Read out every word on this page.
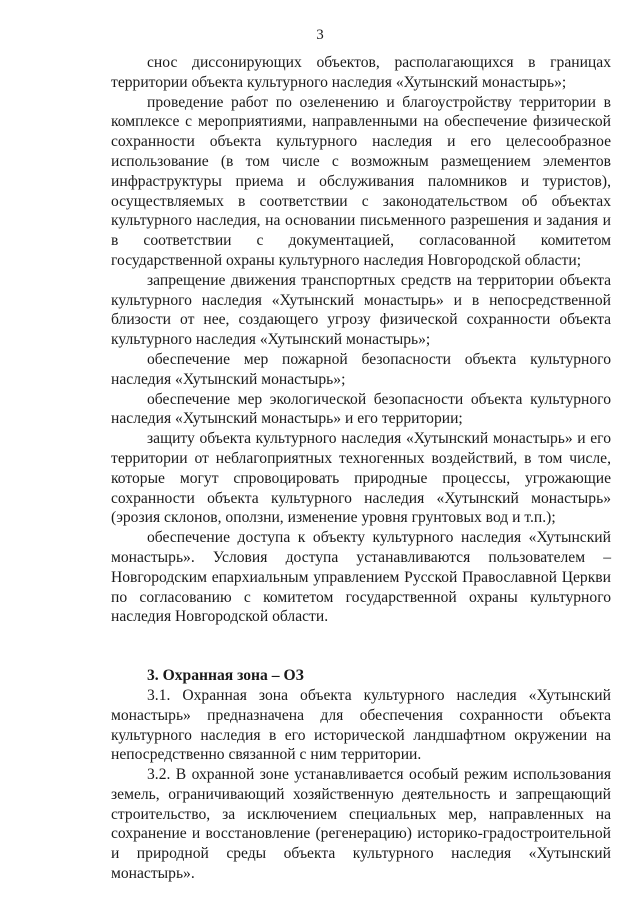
3

снос диссонирующих объектов, располагающихся в границах территории объекта культурного наследия «Хутынский монастырь»;

проведение работ по озеленению и благоустройству территории в комплексе с мероприятиями, направленными на обеспечение физической сохранности объекта культурного наследия и его целесообразное использование (в том числе с возможным размещением элементов инфраструктуры приема и обслуживания паломников и туристов), осуществляемых в соответствии с законодательством об объектах культурного наследия, на основании письменного разрешения и задания и в соответствии с документацией, согласованной комитетом государственной охраны культурного наследия Новгородской области;

запрещение движения транспортных средств на территории объекта культурного наследия «Хутынский монастырь» и в непосредственной близости от нее, создающего угрозу физической сохранности объекта культурного наследия «Хутынский монастырь»;

обеспечение мер пожарной безопасности объекта культурного наследия «Хутынский монастырь»;

обеспечение мер экологической безопасности объекта культурного наследия «Хутынский монастырь» и его территории;

защиту объекта культурного наследия «Хутынский монастырь» и его территории от неблагоприятных техногенных воздействий, в том числе, которые могут спровоцировать природные процессы, угрожающие сохранности объекта культурного наследия «Хутынский монастырь» (эрозия склонов, оползни, изменение уровня грунтовых вод и т.п.);

обеспечение доступа к объекту культурного наследия «Хутынский монастырь». Условия доступа устанавливаются пользователем – Новгородским епархиальным управлением Русской Православной Церкви по согласованию с комитетом государственной охраны культурного наследия Новгородской области.

3. Охранная зона – ОЗ

3.1. Охранная зона объекта культурного наследия «Хутынский монастырь» предназначена для обеспечения сохранности объекта культурного наследия в его исторической ландшафтном окружении на непосредственно связанной с ним территории.

3.2. В охранной зоне устанавливается особый режим использования земель, ограничивающий хозяйственную деятельность и запрещающий строительство, за исключением специальных мер, направленных на сохранение и восстановление (регенерацию) историко-градостроительной и природной среды объекта культурного наследия «Хутынский монастырь».
